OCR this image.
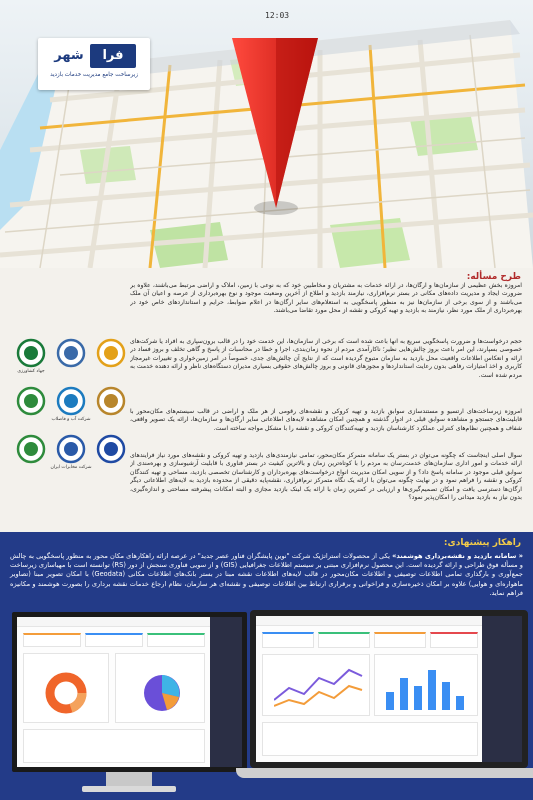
12:03
شهر	فرا
زیرساخت جامع مدیریت خدمات بازدید
طرح مسأله:
امروزه بخش عظیمی از سازمان‌ها و ارگان‌ها، در ارائه خدمات به مشتریان و مخاطبین خود که به نوعی با زمین، املاک و اراضی مرتبط می‌باشند، علاوه بر ضرورت ایجاد و مدیریت داده‌های مکانی در بستر نرم‌افزاری، نیازمند بازدید و اطلاع از آخرین وضعیت موجود و نوع بهره‌برداری از عرصه و اعیان آن ملک می‌باشند و از سوی برخی از سازمان‌ها نیز به منظور پاسخگویی به استعلام‌های سایر ارگان‌ها در اعلام ضوابط، حرایم و استانداردهای خاص خود در بهره‌برداری از ملک مورد نظر، نیازمند به بازدید و تهیه کروکی و نقشه از محل مورد تقاضا می‌باشند.
حجم درخواست‌ها و ضرورت پاسخگویی سریع به آنها باعث شده است که برخی از سازمان‌ها، این خدمت خود را در قالب برون‌سپاری به افراد یا شرکت‌های خصوصی بسپارند، این امر باعث بروز چالش‌هایی نظیر؛ ناکارآمدی مردم از نحوه زمان‌بندی، اجرا و خطا در محاسبات از پاسخ و گاهی تخلف و بروز فساد در ارائه و انعکاس اطلاعات واقعیت محل بازدید به سازمان متبوع گردیده است که از نتایج آن چالش‌های جدی، خصوصاً در امر زمین‌خواری و تغییرات غیرمجاز کاربری و اخذ امتیازات رفاهی بدون رعایت استانداردها و مجوزهای قانونی و بروز چالش‌های حقوقی بسیاری مدیران دستگاه‌های ناظر و ارائه دهنده خدمت به مردم شده است.
امروزه زیرساخت‌های ارتسیو و مستندسازی سوابق بازدید و تهیه کروکی و نقشه‌های رقومی از هر ملک و اراضی در قالب سیستم‌های مکان‌محور با قابلیت‌های جستجو و مشاهده سوابق قبلی در ادوار گذشته و همچنین امکان مشاهده لایه‌های اطلاعاتی سایر ارگان‌ها و سازمان‌ها، ارائه یک تصویر واقعی، شفاف و همچنین نظام‌های کنترلی عملکرد کارشناسان بازدید و تهیه‌کنندگان کروکی و نقشه را با مشکل مواجه ساخته است.
سوال اصلی اینجاست که چگونه می‌توان در بستر یک سامانه متمرکز مکان‌محور، تمامی نیازمندی‌های بازدید و تهیه کروکی و نقشه‌های مورد نیاز فرایندهای ارائه خدمات و امور اداری سازمان‌های خدمت‌رسان به مردم را با کوتاه‌ترین زمان و بالاترین کیفیت در بستر فناوری با قابلیت آرشیوسازی و بهره‌مندی از سوابق قبلی موجود در سامانه پاسخ داد؟ و از سویی امکان مدیریت انواع درخواست‌های بهره‌برداران و کارشناسان تخصصی بازدید، مساحی و تهیه کنندگان کروکی و نقشه را فراهم نمود و در نهایت چگونه می‌توان با ارائه یک نگاه متمرکز نرم‌افزاری، نقشه‌پایه دقیقی از محدوده بازدید به لایه‌های اطلاعاتی دیگر ارگان‌ها دسترسی یافت و امکان تصمیم‌گیری‌ها و ارزیابی در کمترین زمان با ارائه یک لینک بازدید مجازی و البته امکانات پیشرفته مساحتی و اندازه‌گیری، بدون نیاز به بازدید میدانی را امکان‌پذیر نمود؟
جهاد کشاورزی
شرکت آب و فاضلاب
شرکت مخابرات ایران
راهکار پیشنهادی:
« سامانه بازدید و نقشه‌برداری هوشمند» یکی از محصولات استراتژیک شرکت "نوین پایشگران فناور عصر جدید" در عرصه ارائه راهکارهای مکان محور به منظور پاسخگویی به چالش و مسأله فوق طراحی و ارائه گردیده است. این محصول نرم‌افزاری مبتنی بر سیستم اطلاعات جغرافیایی (GIS) و از سویی فناوری سنجش از دور (RS) توانسته است با مهیاسازی زیرساخت جمع‌آوری و بارگذاری تمامی اطلاعات توصیفی و اطلاعات مکان‌محور در قالب لایه‌های اطلاعات نقشه مبنا در بستر بانک‌های اطلاعات مکانی (Geodata) با امکان تصویر مبنا (تصاویر ماهواره‌ای و هوایی) علاوه بر امکان ذخیره‌سازی و فراخوانی و برقراری ارتباط بین اطلاعات توصیفی و نقشه‌ای هر سازمان، نظام ارجاع خدمات نقشه برداری را بصورت هوشمند و مکانیزه فراهم نماید.
